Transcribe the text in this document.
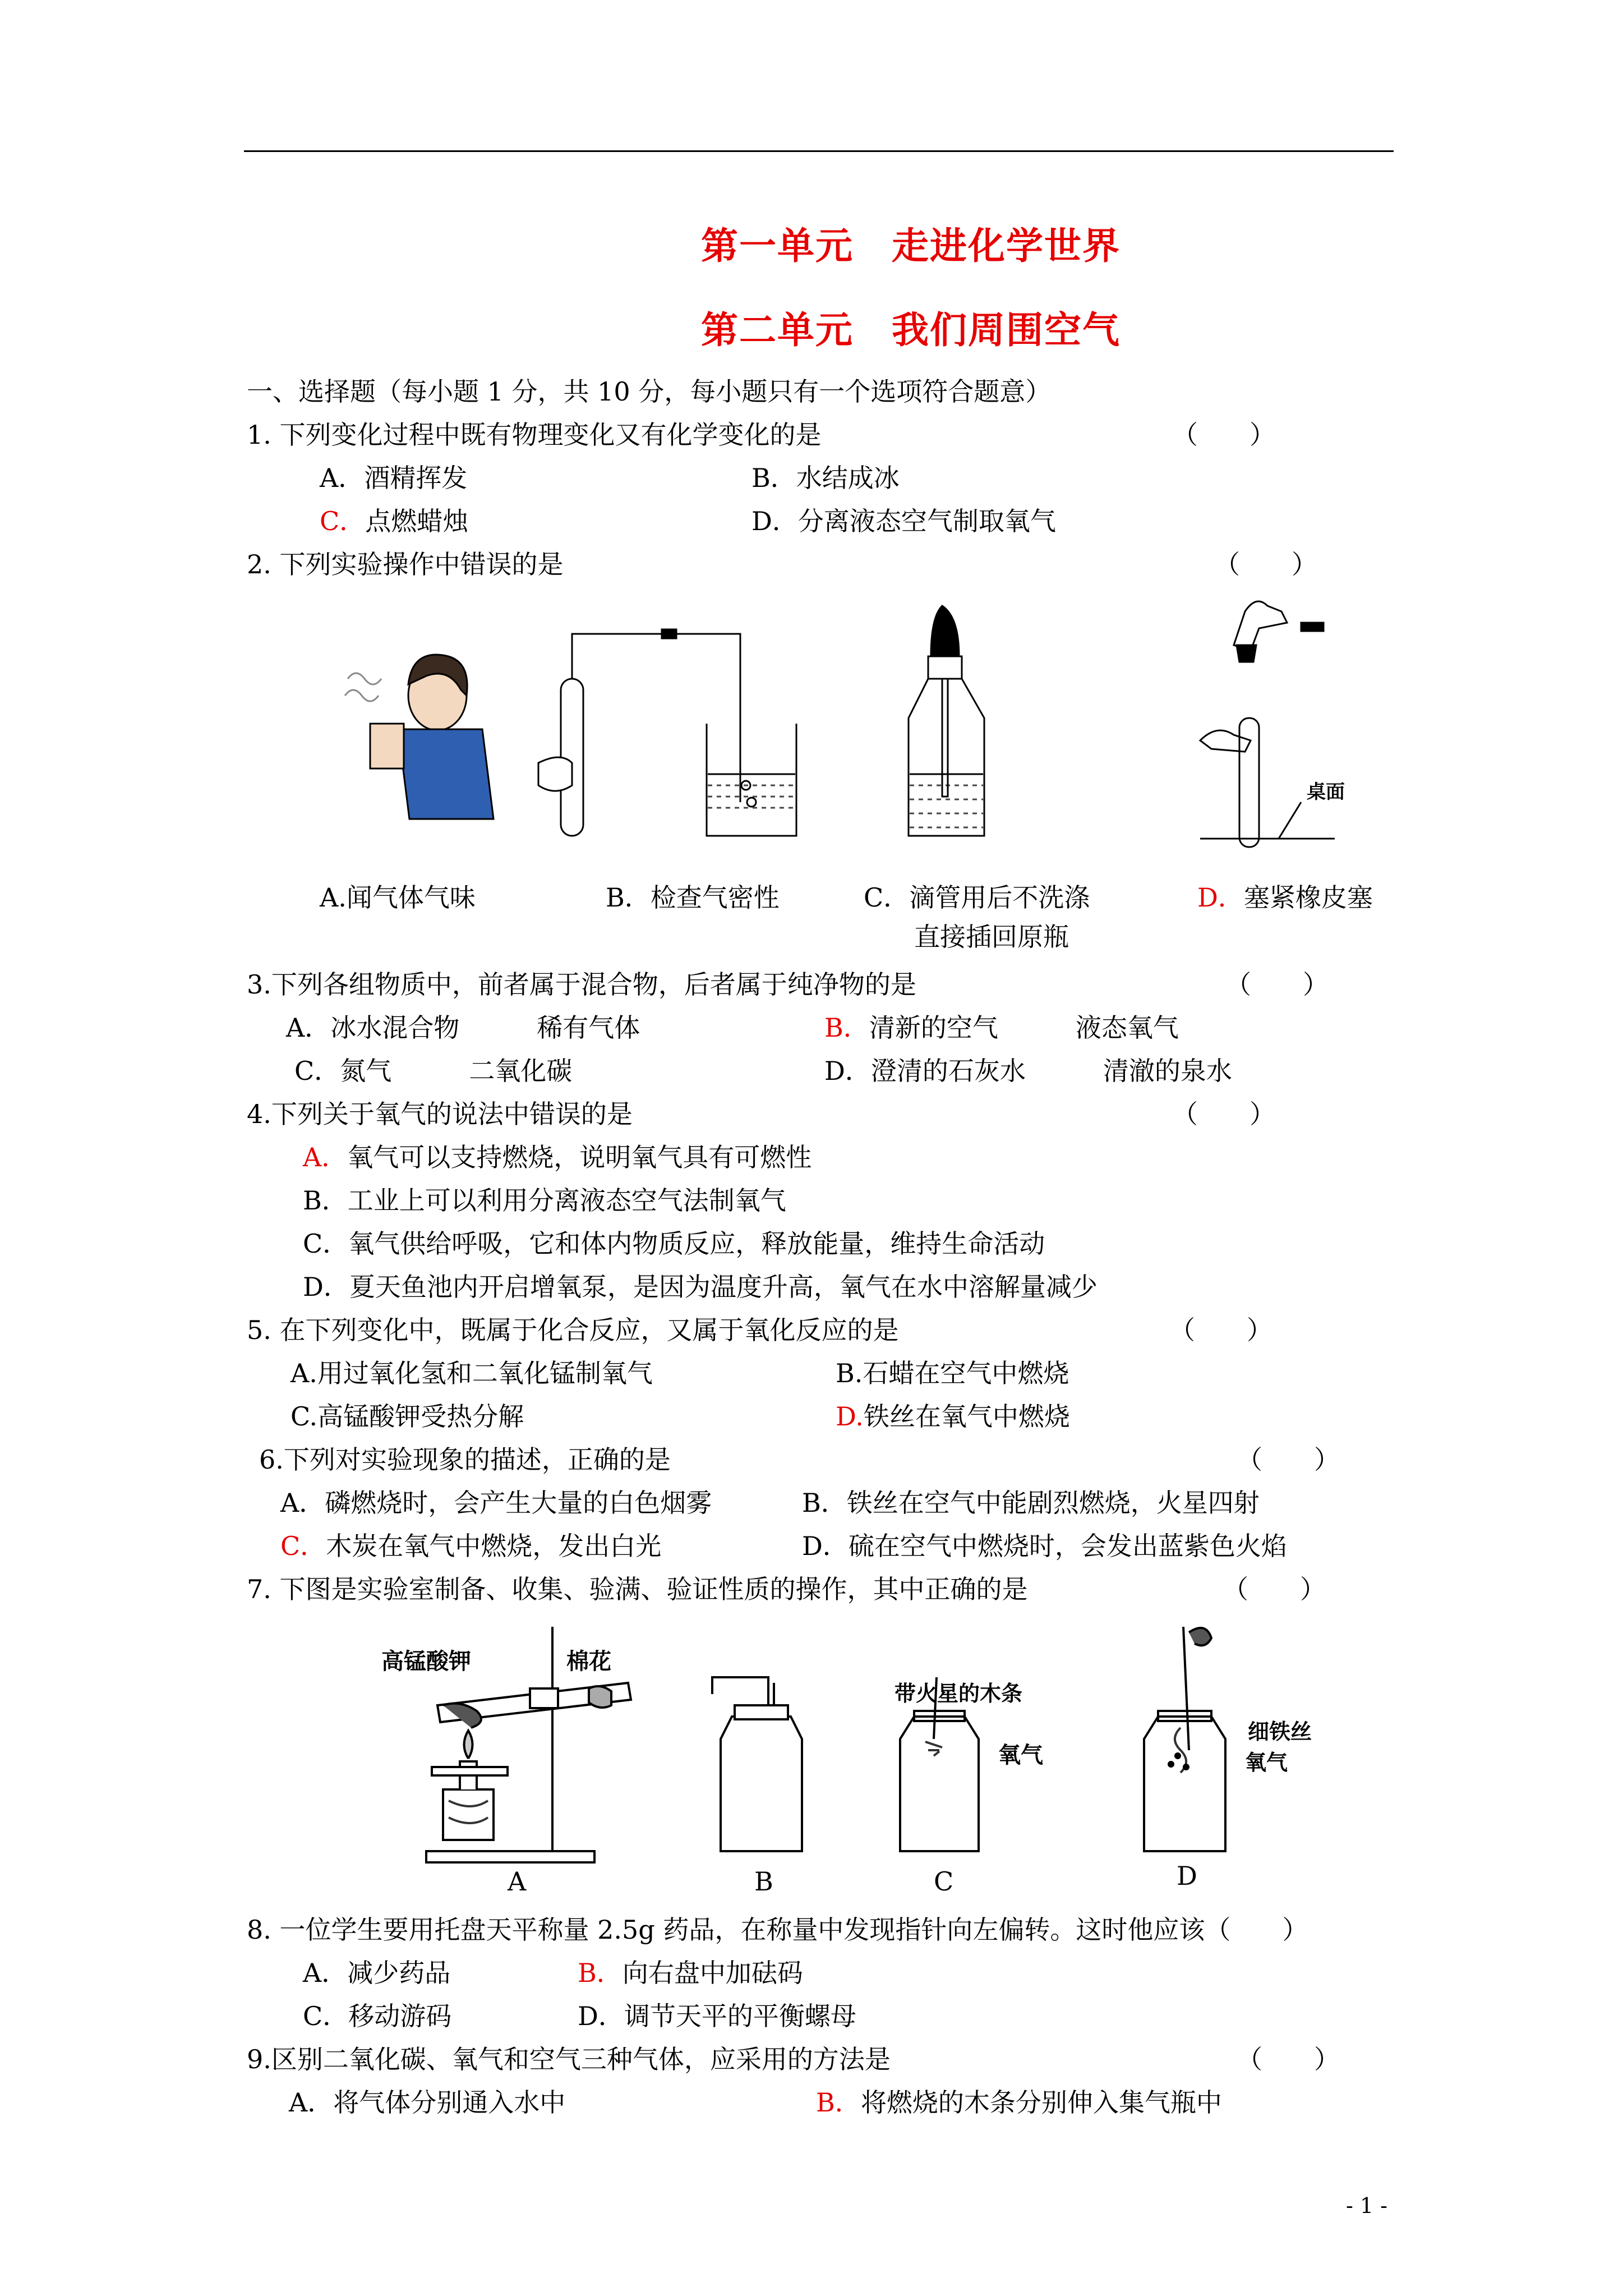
第一单元　走进化学世界
第二单元　我们周围空气
一、选择题（每小题 1 分，共 10 分，每小题只有一个选项符合题意）
1. 下列变化过程中既有物理变化又有化学变化的是	（　　）
A．酒精挥发	B．水结成冰
C．点燃蜡烛	D．分离液态空气制取氧气
2. 下列实验操作中错误的是	（　　）
桌面
A.闻气体气味	B．检查气密性	C．滴管用后不洗涤
直接插回原瓶
D．塞紧橡皮塞
3.下列各组物质中，前者属于混合物，后者属于纯净物的是	（　　）
A．冰水混合物　　　稀有气体	B．清新的空气　　　液态氧气
C．氮气　　　二氧化碳	D．澄清的石灰水　　　清澈的泉水
4.下列关于氧气的说法中错误的是	（　　）
A．氧气可以支持燃烧，说明氧气具有可燃性
B．工业上可以利用分离液态空气法制氧气
C．氧气供给呼吸，它和体内物质反应，释放能量，维持生命活动
D．夏天鱼池内开启增氧泵，是因为温度升高，氧气在水中溶解量减少
5. 在下列变化中，既属于化合反应，又属于氧化反应的是	（　　）
A.用过氧化氢和二氧化锰制氧气	B.石蜡在空气中燃烧
C.高锰酸钾受热分解	D.铁丝在氧气中燃烧
6.下列对实验现象的描述，正确的是	（　　）
A．磷燃烧时，会产生大量的白色烟雾	B．铁丝在空气中能剧烈燃烧，火星四射
C．木炭在氧气中燃烧，发出白光	D．硫在空气中燃烧时，会发出蓝紫色火焰
7. 下图是实验室制备、收集、验满、验证性质的操作，其中正确的是	（　　）
高锰酸钾	棉花
带火星的木条
氧气
细铁丝
氧气
A	B	C	D
8. 一位学生要用托盘天平称量 2.5g 药品，在称量中发现指针向左偏转。这时他应该（　　）
A．减少药品	B．向右盘中加砝码
C．移动游码	D．调节天平的平衡螺母
9.区别二氧化碳、氧气和空气三种气体，应采用的方法是	（　　）
A．将气体分别通入水中	B．将燃烧的木条分别伸入集气瓶中
- 1 -
